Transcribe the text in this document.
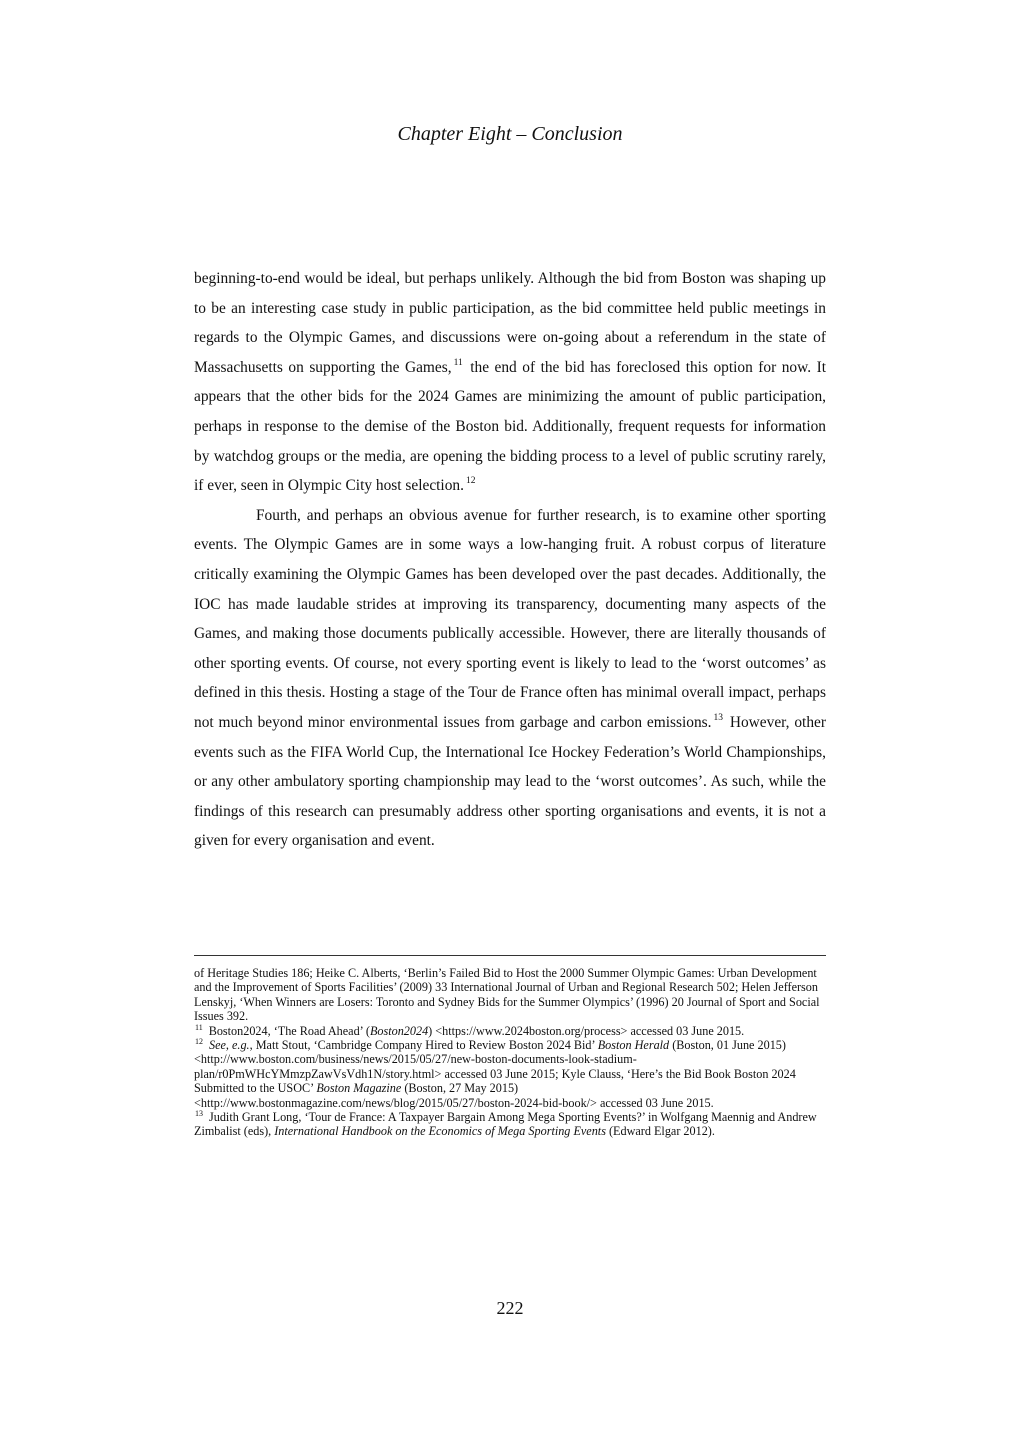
Chapter Eight – Conclusion

beginning-to-end would be ideal, but perhaps unlikely. Although the bid from Boston was shaping up to be an interesting case study in public participation, as the bid committee held public meetings in regards to the Olympic Games, and discussions were on-going about a referendum in the state of Massachusetts on supporting the Games, $^{11}$ the end of the bid has foreclosed this option for now. It appears that the other bids for the 2024 Games are minimizing the amount of public participation, perhaps in response to the demise of the Boston bid. Additionally, frequent requests for information by watchdog groups or the media, are opening the bidding process to a level of public scrutiny rarely, if ever, seen in Olympic City host selection. $^{12}$

Fourth, and perhaps an obvious avenue for further research, is to examine other sporting events. The Olympic Games are in some ways a low-hanging fruit. A robust corpus of literature critically examining the Olympic Games has been developed over the past decades. Additionally, the IOC has made laudable strides at improving its transparency, documenting many aspects of the Games, and making those documents publically accessible. However, there are literally thousands of other sporting events. Of course, not every sporting event is likely to lead to the ‘worst outcomes’ as defined in this thesis. Hosting a stage of the Tour de France often has minimal overall impact, perhaps not much beyond minor environmental issues from garbage and carbon emissions. $^{13}$ However, other events such as the FIFA World Cup, the International Ice Hockey Federation’s World Championships, or any other ambulatory sporting championship may lead to the ‘worst outcomes’. As such, while the findings of this research can presumably address other sporting organisations and events, it is not a given for every organisation and event.

of Heritage Studies 186; Heike C. Alberts, ‘Berlin’s Failed Bid to Host the 2000 Summer Olympic Games: Urban Development and the Improvement of Sports Facilities’ (2009) 33 International Journal of Urban and Regional Research 502; Helen Jefferson Lenskyj, ‘When Winners are Losers: Toronto and Sydney Bids for the Summer Olympics’ (1996) 20 Journal of Sport and Social Issues 392.

$^{11}$ Boston2024, ‘The Road Ahead’ (Boston2024) <https://www.2024boston.org/process> accessed 03 June 2015.

$^{12}$ See, e.g., Matt Stout, ‘Cambridge Company Hired to Review Boston 2024 Bid’ Boston Herald (Boston, 01 June 2015) <http://www.boston.com/business/news/2015/05/27/new-boston-documents-look-stadium-plan/r0PmWHcYMmzpZawVsVdh1N/story.html> accessed 03 June 2015; Kyle Clauss, ‘Here’s the Bid Book Boston 2024 Submitted to the USOC’ Boston Magazine (Boston, 27 May 2015) <http://www.bostonmagazine.com/news/blog/2015/05/27/boston-2024-bid-book/> accessed 03 June 2015.

$^{13}$ Judith Grant Long, ‘Tour de France: A Taxpayer Bargain Among Mega Sporting Events?’ in Wolfgang Maennig and Andrew Zimbalist (eds), International Handbook on the Economics of Mega Sporting Events (Edward Elgar 2012).

222
